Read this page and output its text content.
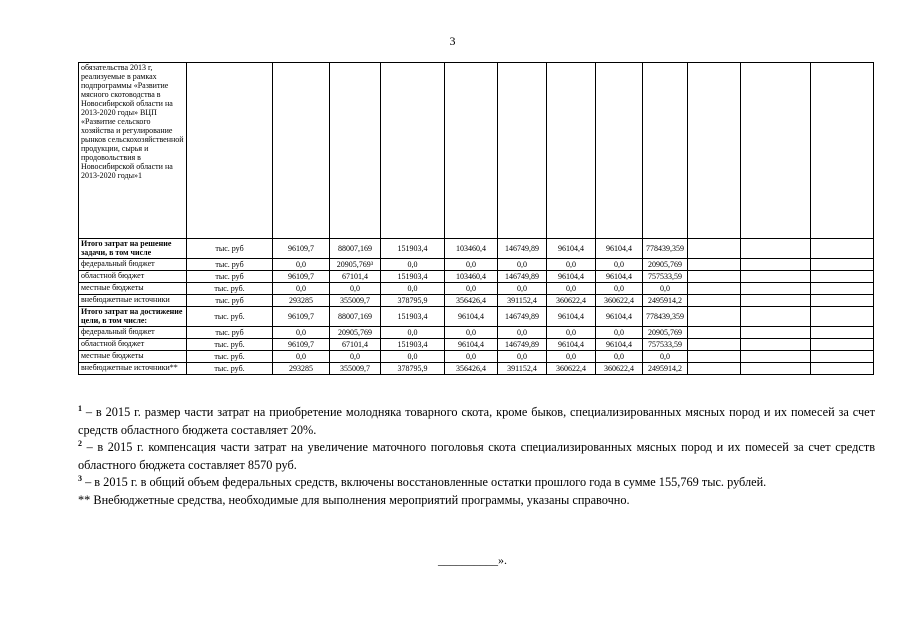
3
обязательства 2013 г, реализуемые в рамках подпрограммы «Развитие мясного скотоводства в Новосибирской области на 2013-2020 годы» ВЦП «Развитие сельского хозяйства и регулирование рынков сельскохозяйственной продукции, сырья и продовольствия в Новосибирской области на 2013-2020 годы»1												
Итого затрат на решение задачи, в том числе	тыс. руб	96109,7	88007,169	151903,4	103460,4	146749,89	96104,4	96104,4	778439,359			
федеральный бюджет	тыс. руб	0,0	20905,769³	0,0	0,0	0,0	0,0	0,0	20905,769			
областной бюджет	тыс. руб	96109,7	67101,4	151903,4	103460,4	146749,89	96104,4	96104,4	757533,59			
местные бюджеты	тыс. руб.	0,0	0,0	0,0	0,0	0,0	0,0	0,0	0,0			
внебюджетные источники	тыс. руб	293285	355009,7	378795,9	356426,4	391152,4	360622,4	360622,4	2495914,2			
Итого затрат на достижение цели, в том числе:	тыс. руб.	96109,7	88007,169	151903,4	96104,4	146749,89	96104,4	96104,4	778439,359			
федеральный бюджет	тыс. руб	0,0	20905,769	0,0	0,0	0,0	0,0	0,0	20905,769			
областной бюджет	тыс. руб.	96109,7	67101,4	151903,4	96104,4	146749,89	96104,4	96104,4	757533,59			
местные бюджеты	тыс. руб.	0,0	0,0	0,0	0,0	0,0	0,0	0,0	0,0			
внебюджетные источники**	тыс. руб.	293285	355009,7	378795,9	356426,4	391152,4	360622,4	360622,4	2495914,2			

$^1$ – в 2015 г. размер части затрат на приобретение молодняка товарного скота, кроме быков, специализированных мясных пород и их помесей за счет средств областного бюджета составляет 20%.

$^2$ – в 2015 г. компенсация части затрат на увеличение маточного поголовья скота специализированных мясных пород и их помесей за счет средств областного бюджета составляет 8570 руб.

$^3$ – в 2015 г. в общий объем федеральных средств, включены восстановленные остатки прошлого года в сумме 155,769 тыс. рублей.

** Внебюджетные средства, необходимые для выполнения мероприятий программы, указаны справочно.

__________».
